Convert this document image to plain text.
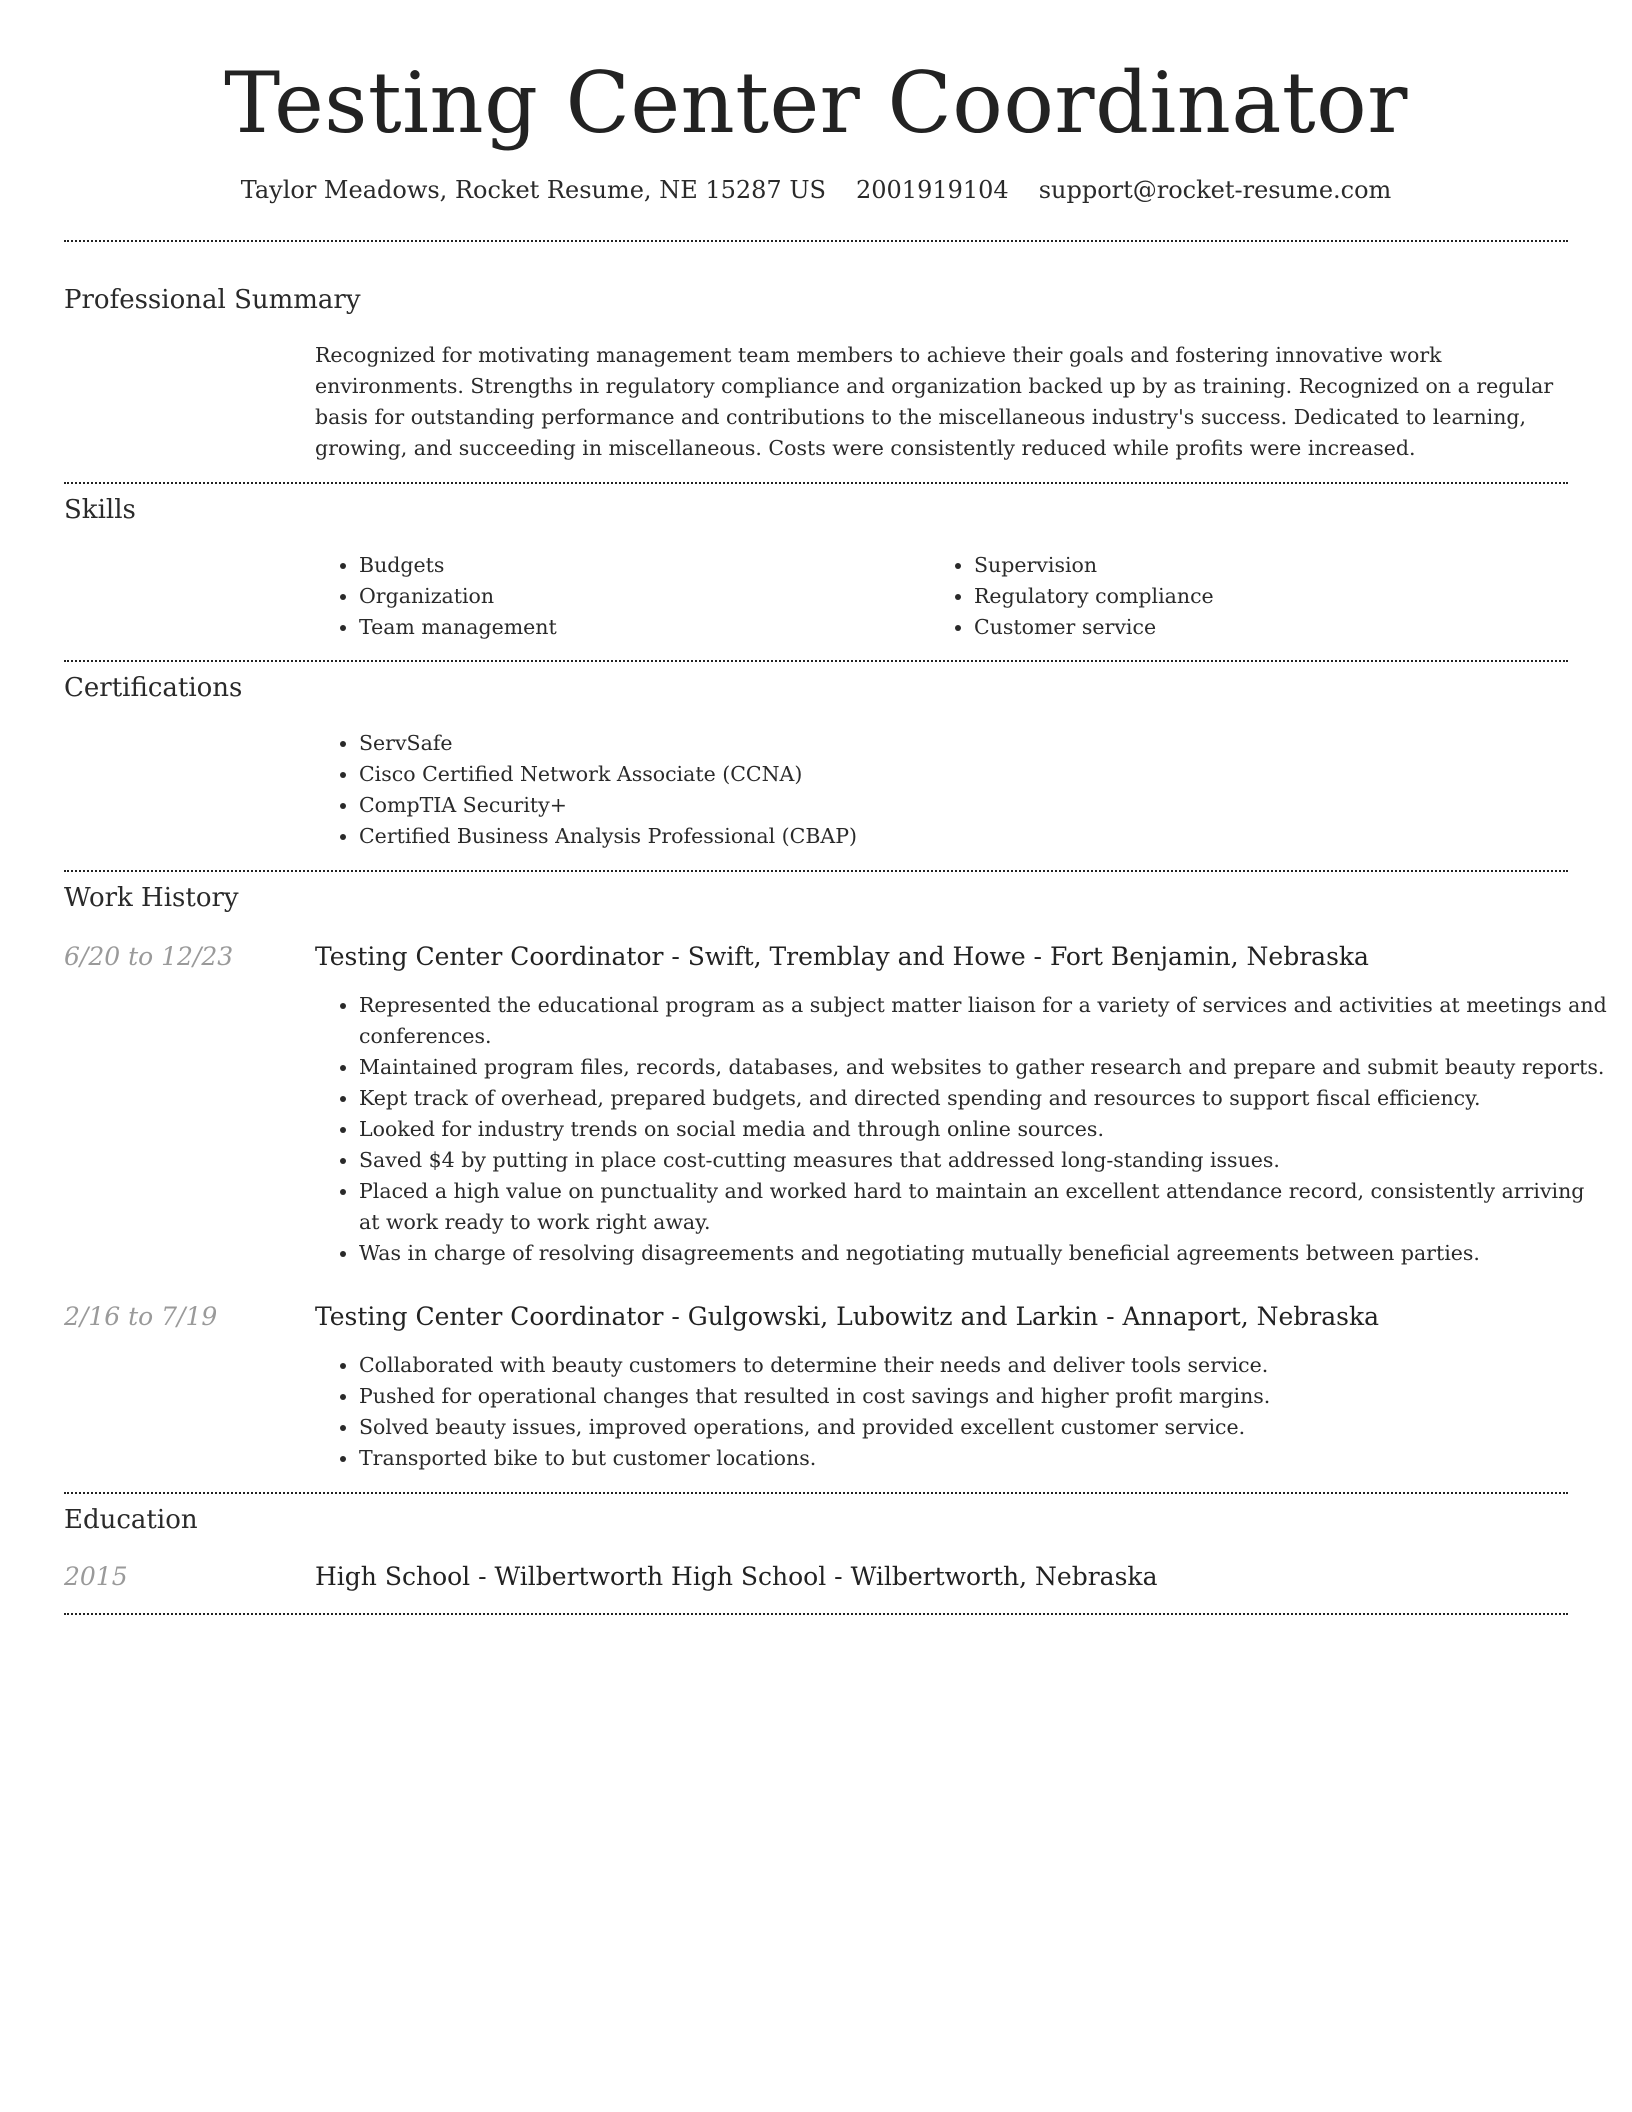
Testing Center Coordinator
Taylor Meadows, Rocket Resume, NE 15287 US 2001919104 support@rocket-resume.com
Professional Summary
Recognized for motivating management team members to achieve their goals and fostering innovative work environments. Strengths in regulatory compliance and organization backed up by as training. Recognized on a regular basis for outstanding performance and contributions to the miscellaneous industry's success. Dedicated to learning, growing, and succeeding in miscellaneous. Costs were consistently reduced while profits were increased.
Skills
• Budgets
• Organization
• Team management
• Supervision
• Regulatory compliance
• Customer service
Certifications
• ServSafe
• Cisco Certified Network Associate (CCNA)
• CompTIA Security+
• Certified Business Analysis Professional (CBAP)
Work History
6/20 to 12/23	Testing Center Coordinator - Swift, Tremblay and Howe - Fort Benjamin, Nebraska
• Represented the educational program as a subject matter liaison for a variety of services and activities at meetings and conferences.
• Maintained program files, records, databases, and websites to gather research and prepare and submit beauty reports.
• Kept track of overhead, prepared budgets, and directed spending and resources to support fiscal efficiency.
• Looked for industry trends on social media and through online sources.
• Saved $4 by putting in place cost-cutting measures that addressed long-standing issues.
• Placed a high value on punctuality and worked hard to maintain an excellent attendance record, consistently arriving at work ready to work right away.
• Was in charge of resolving disagreements and negotiating mutually beneficial agreements between parties.
2/16 to 7/19	Testing Center Coordinator - Gulgowski, Lubowitz and Larkin - Annaport, Nebraska
• Collaborated with beauty customers to determine their needs and deliver tools service.
• Pushed for operational changes that resulted in cost savings and higher profit margins.
• Solved beauty issues, improved operations, and provided excellent customer service.
• Transported bike to but customer locations.
Education
2015	High School - Wilbertworth High School - Wilbertworth, Nebraska
